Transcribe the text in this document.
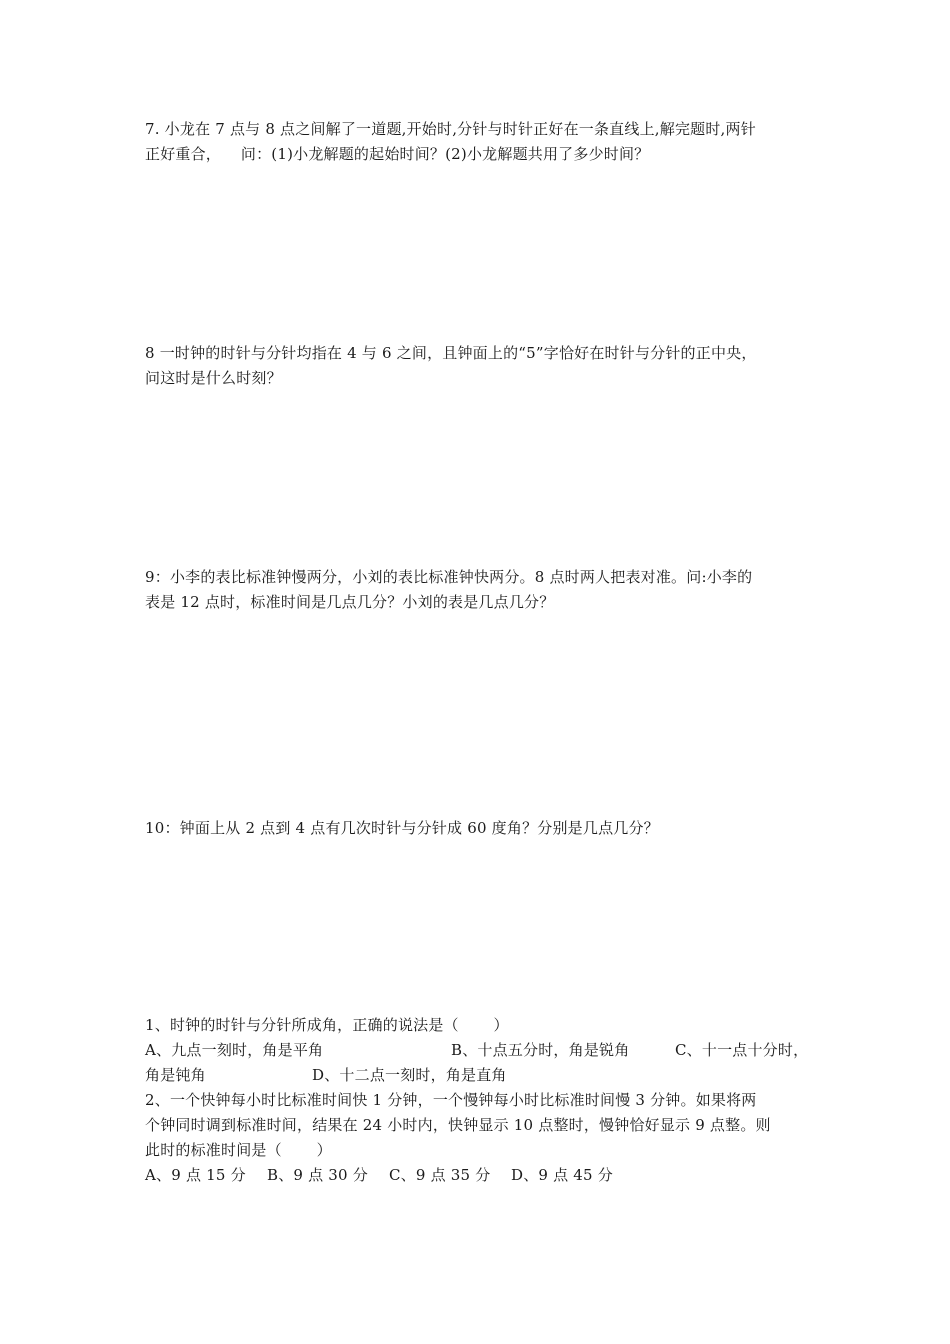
7. 小龙在 7 点与 8 点之间解了一道题,开始时,分针与时针正好在一条直线上,解完题时,两针
正好重合，    问：(1)小龙解题的起始时间？(2)小龙解题共用了多少时间？
8 一时钟的时针与分针均指在 4 与 6 之间，且钟面上的“5”字恰好在时针与分针的正中央，
问这时是什么时刻？
9：小李的表比标准钟慢两分，小刘的表比标准钟快两分。8 点时两人把表对准。问:小李的
表是 12 点时，标准时间是几点几分？小刘的表是几点几分？
10：钟面上从 2 点到 4 点有几次时针与分针成 60 度角？分别是几点几分？
1、时钟的时针与分针所成角，正确的说法是（       ）
A、九点一刻时，角是平角	B、十点五分时，角是锐角	C、十一点十分时，
角是钝角	D、十二点一刻时，角是直角
2、一个快钟每小时比标准时间快 1 分钟，一个慢钟每小时比标准时间慢 3 分钟。如果将两
个钟同时调到标准时间，结果在 24 小时内，快钟显示 10 点整时，慢钟恰好显示 9 点整。则
此时的标准时间是（       ）
A、9 点 15 分 B、9 点 30 分 C、9 点 35 分 D、9 点 45 分
